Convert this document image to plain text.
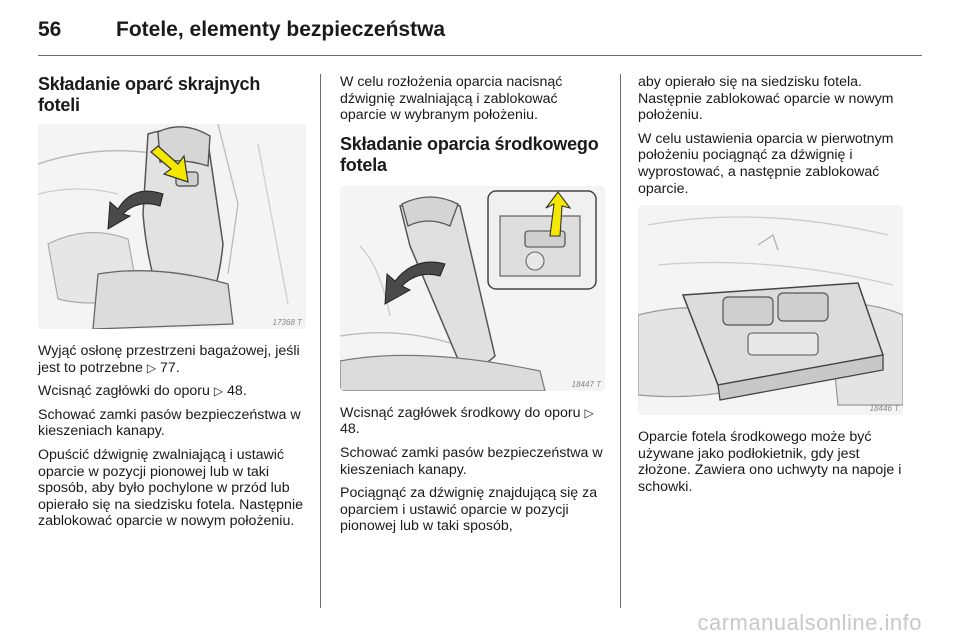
56	Fotele, elementy bezpieczeństwa
Składanie oparć skrajnych foteli
17368 T

Wyjąć osłonę przestrzeni bagażowej, jeśli jest to potrzebne ▷ 77.

Wcisnąć zagłówki do oporu ▷ 48.

Schować zamki pasów bezpieczeństwa w kieszeniach kanapy.

Opuścić dźwignię zwalniającą i ustawić oparcie w pozycji pionowej lub w taki sposób, aby było pochylone w przód lub opierało się na siedzisku fotela. Następnie zablokować oparcie w nowym położeniu.

W celu rozłożenia oparcia nacisnąć dźwignię zwalniającą i zablokować oparcie w wybranym położeniu.

Składanie oparcia środkowego fotela
18447 T

Wcisnąć zagłówek środkowy do oporu ▷ 48.

Schować zamki pasów bezpieczeństwa w kieszeniach kanapy.

Pociągnąć za dźwignię znajdującą się za oparciem i ustawić oparcie w pozycji pionowej lub w taki sposób,

aby opierało się na siedzisku fotela. Następnie zablokować oparcie w nowym położeniu.

W celu ustawienia oparcia w pierwotnym położeniu pociągnąć za dźwignię i wyprostować, a następnie zablokować oparcie.

18446 T

Oparcie fotela środkowego może być używane jako podłokietnik, gdy jest złożone. Zawiera ono uchwyty na napoje i schowki.

carmanualsonline.info
